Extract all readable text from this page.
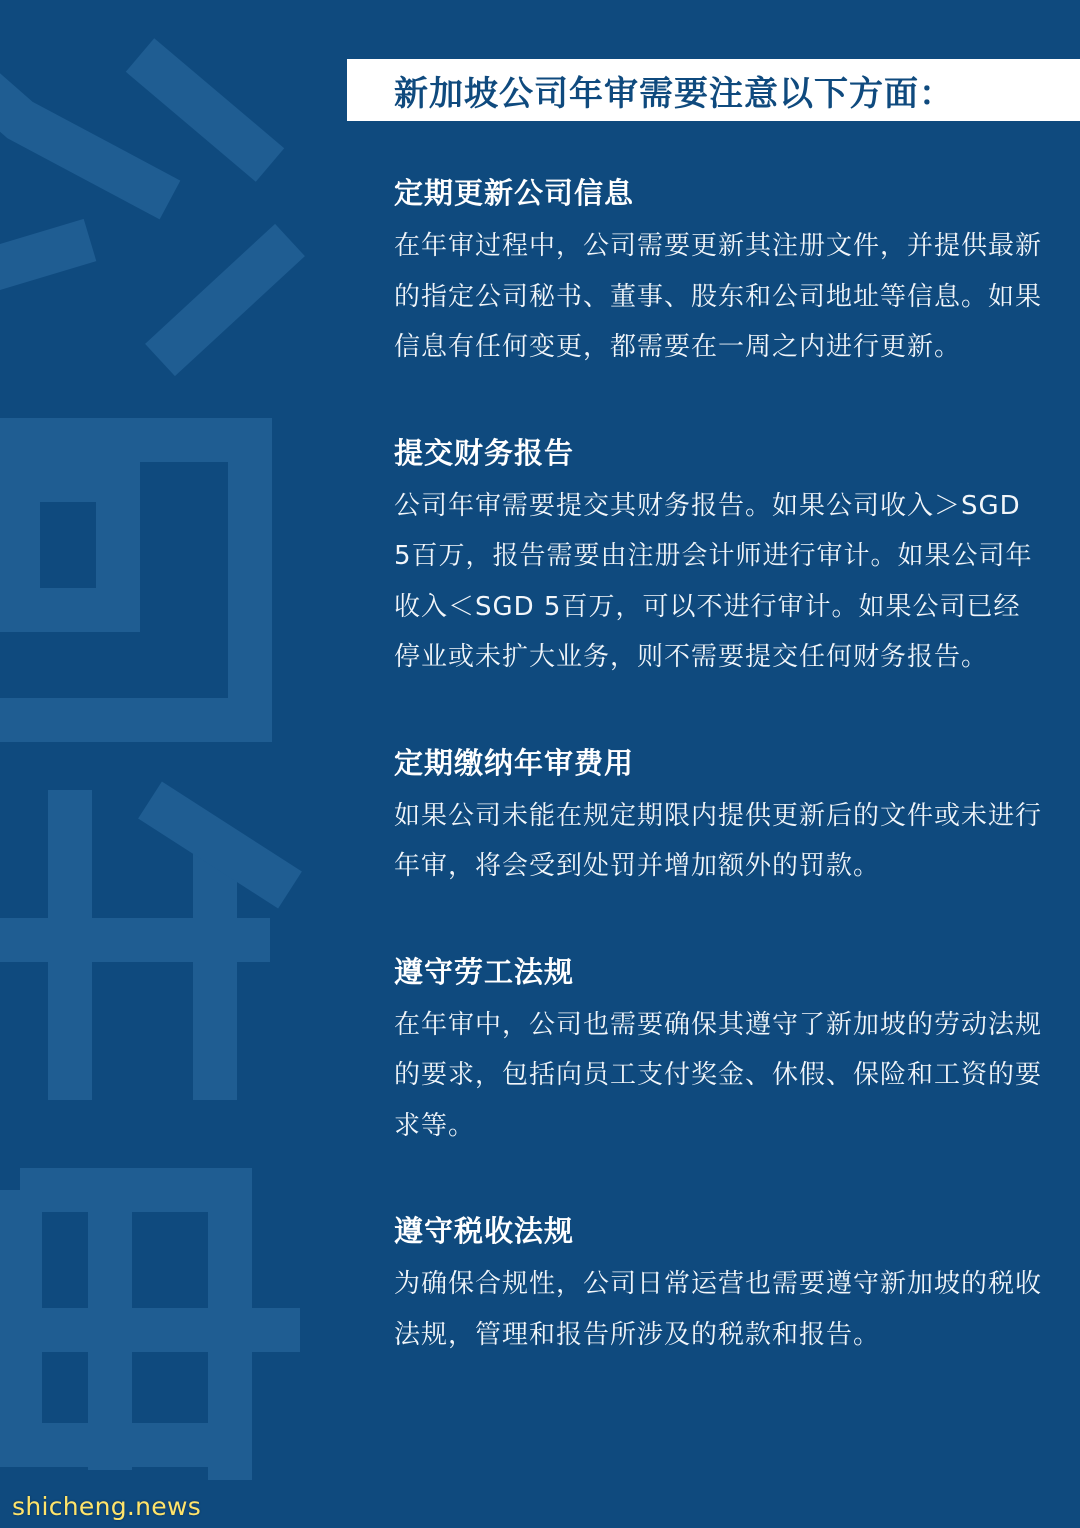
新加坡公司年审需要注意以下方面：
定期更新公司信息

在年审过程中，公司需要更新其注册文件，并提供最新的指定公司秘书、董事、股东和公司地址等信息。如果信息有任何变更，都需要在一周之内进行更新。

提交财务报告

公司年审需要提交其财务报告。如果公司收入＞SGD 5百万，报告需要由注册会计师进行审计。如果公司年收入＜SGD 5百万，可以不进行审计。如果公司已经停业或未扩大业务，则不需要提交任何财务报告。

定期缴纳年审费用

如果公司未能在规定期限内提供更新后的文件或未进行年审，将会受到处罚并增加额外的罚款。

遵守劳工法规

在年审中，公司也需要确保其遵守了新加坡的劳动法规的要求，包括向员工支付奖金、休假、保险和工资的要求等。

遵守税收法规

为确保合规性，公司日常运营也需要遵守新加坡的税收法规，管理和报告所涉及的税款和报告。

shicheng.news
